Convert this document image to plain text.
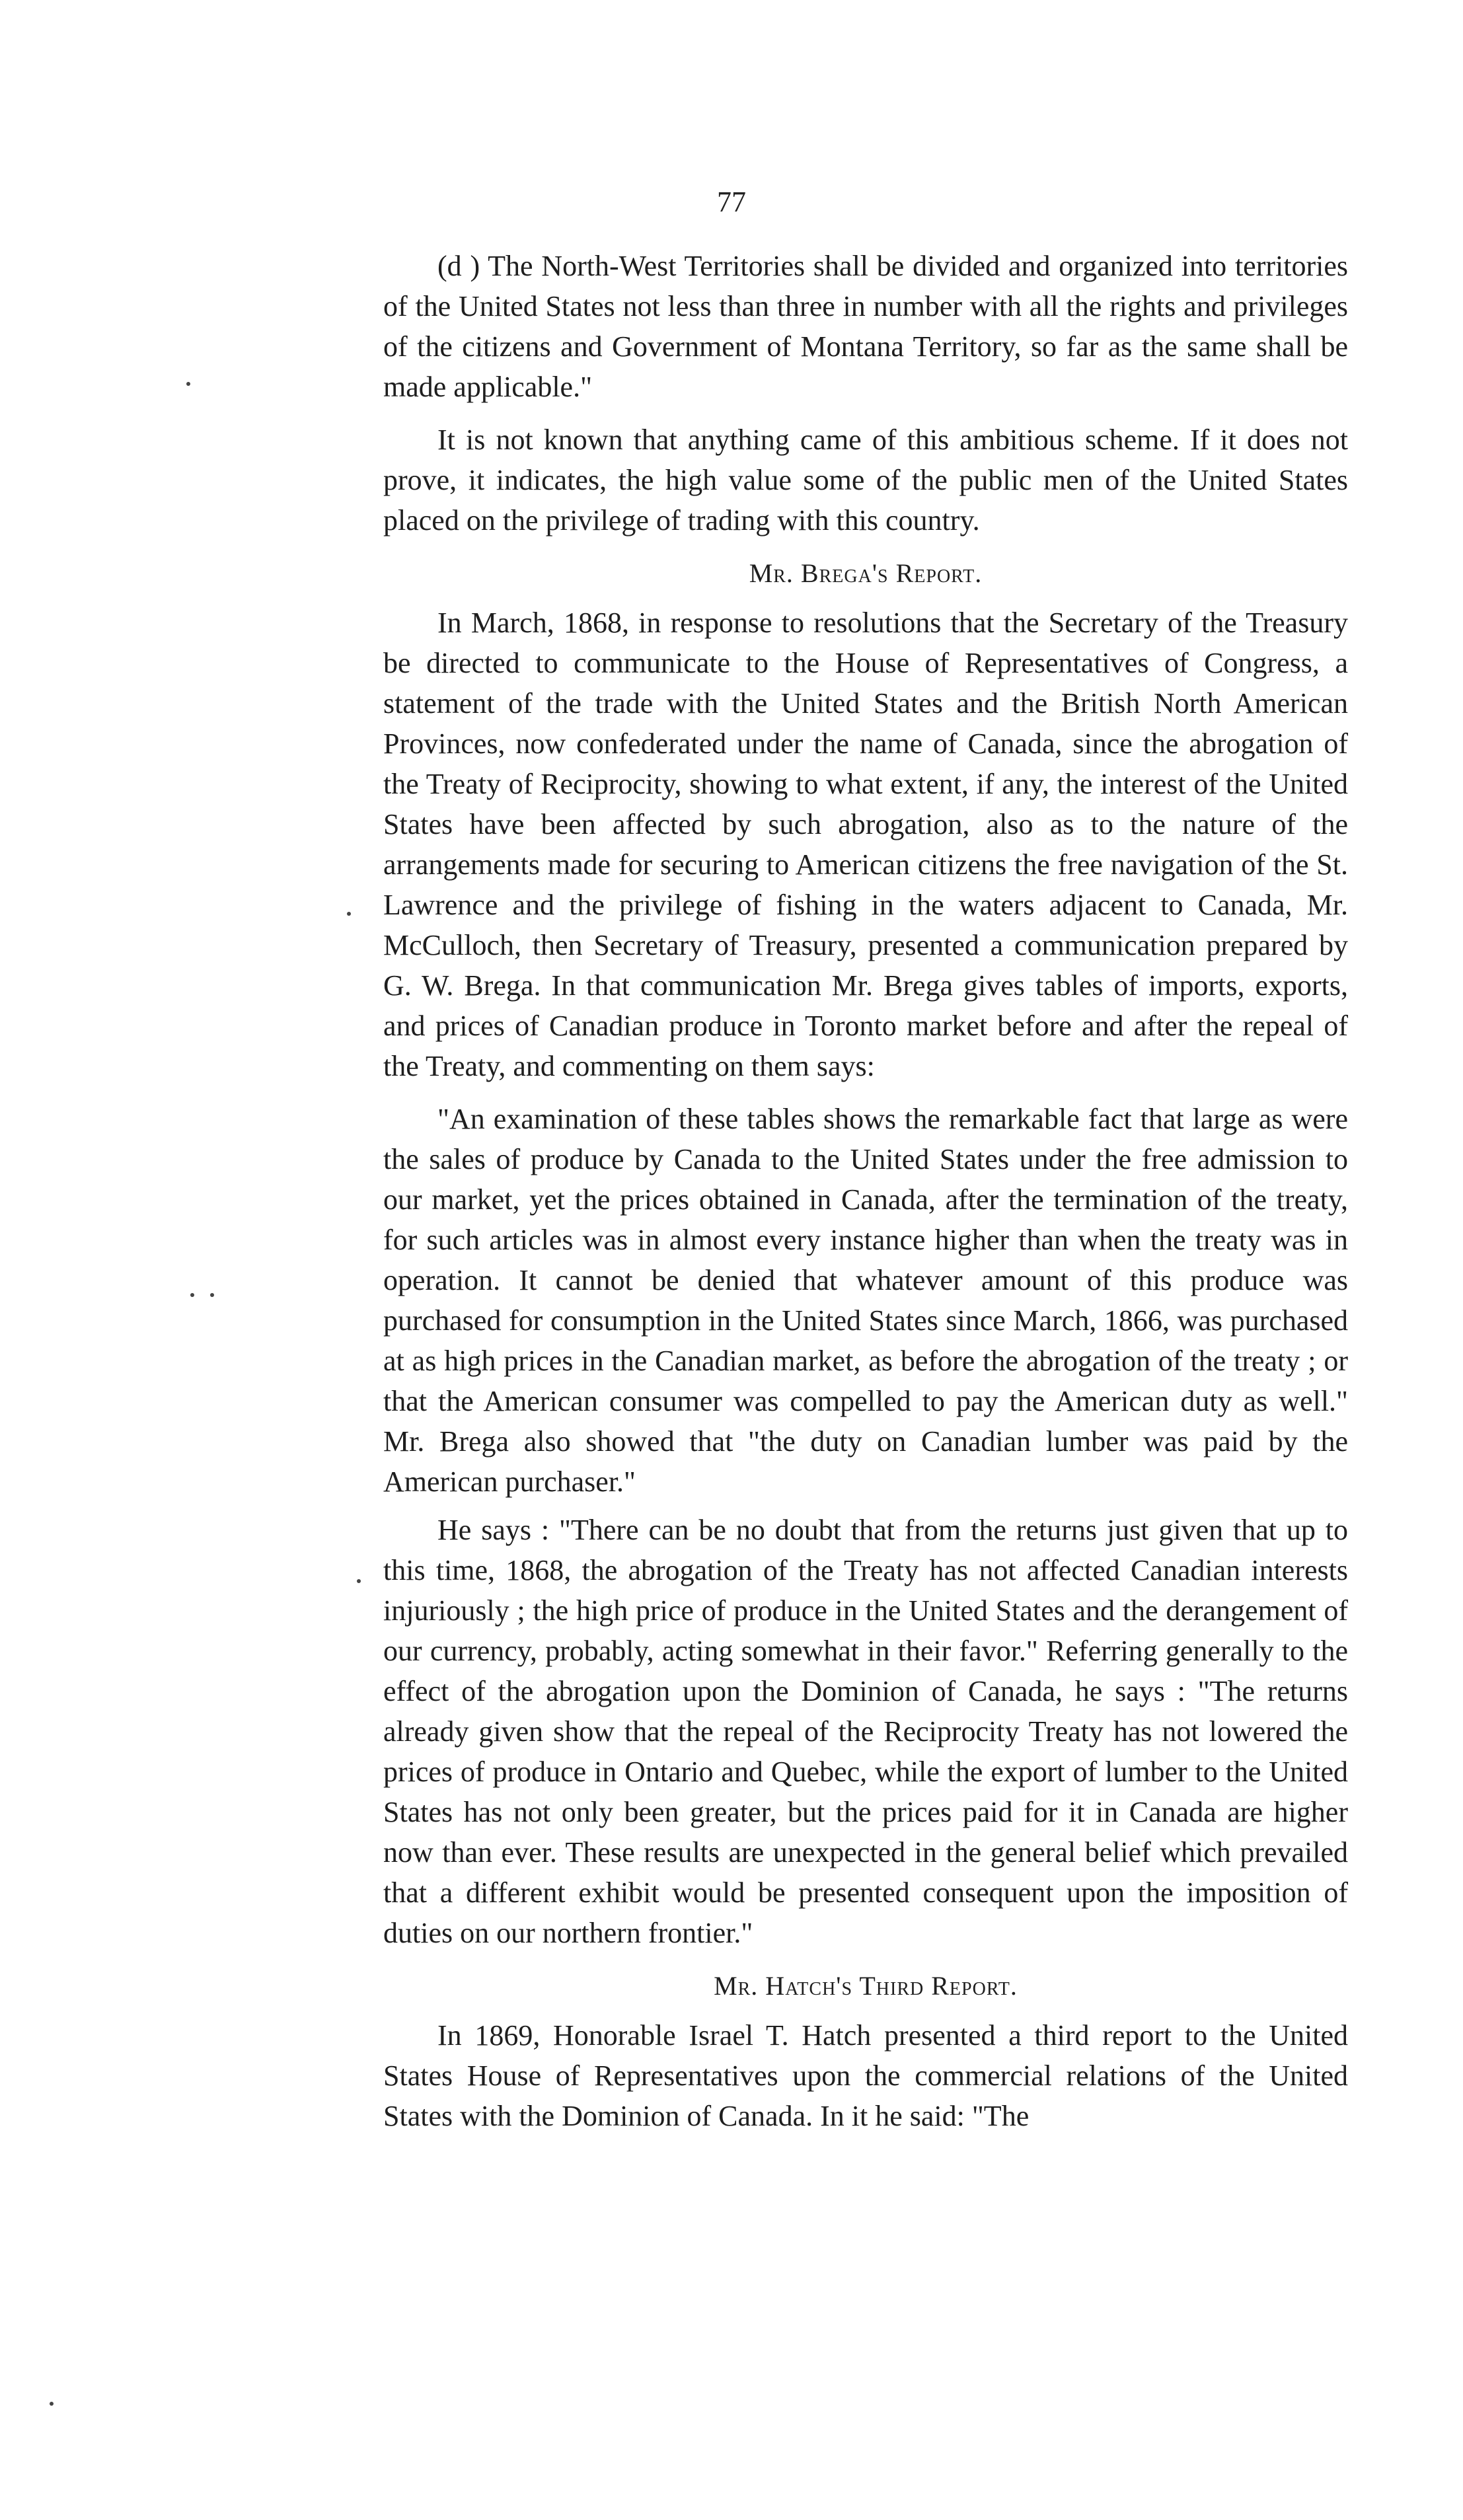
77

(d ) The North-West Territories shall be divided and organized into territories of the United States not less than three in number with all the rights and privileges of the citizens and Government of Montana Territory, so far as the same shall be made applicable."

It is not known that anything came of this ambitious scheme. If it does not prove, it indicates, the high value some of the public men of the United States placed on the privilege of trading with this country.

Mr. Brega's Report.

In March, 1868, in response to resolutions that the Secretary of the Treasury be directed to communicate to the House of Representatives of Congress, a statement of the trade with the United States and the British North American Provinces, now confederated under the name of Canada, since the abrogation of the Treaty of Reciprocity, showing to what extent, if any, the interest of the United States have been affected by such abrogation, also as to the nature of the arrangements made for securing to American citizens the free navigation of the St. Lawrence and the privilege of fishing in the waters adjacent to Canada, Mr. McCulloch, then Secretary of Treasury, presented a communication prepared by G. W. Brega. In that communication Mr. Brega gives tables of imports, exports, and prices of Canadian produce in Toronto market before and after the repeal of the Treaty, and commenting on them says:

"An examination of these tables shows the remarkable fact that large as were the sales of produce by Canada to the United States under the free admission to our market, yet the prices obtained in Canada, after the termination of the treaty, for such articles was in almost every instance higher than when the treaty was in operation. It cannot be denied that whatever amount of this produce was purchased for consumption in the United States since March, 1866, was purchased at as high prices in the Canadian market, as before the abrogation of the treaty ; or that the American consumer was compelled to pay the American duty as well." Mr. Brega also showed that "the duty on Canadian lumber was paid by the American purchaser."

He says : "There can be no doubt that from the returns just given that up to this time, 1868, the abrogation of the Treaty has not affected Canadian interests injuriously ; the high price of produce in the United States and the derangement of our currency, probably, acting somewhat in their favor." Referring generally to the effect of the abrogation upon the Dominion of Canada, he says : "The returns already given show that the repeal of the Reciprocity Treaty has not lowered the prices of produce in Ontario and Quebec, while the export of lumber to the United States has not only been greater, but the prices paid for it in Canada are higher now than ever. These results are unexpected in the general belief which prevailed that a different exhibit would be presented consequent upon the imposition of duties on our northern frontier."

Mr. Hatch's Third Report.

In 1869, Honorable Israel T. Hatch presented a third report to the United States House of Representatives upon the commercial relations of the United States with the Dominion of Canada. In it he said: "The
